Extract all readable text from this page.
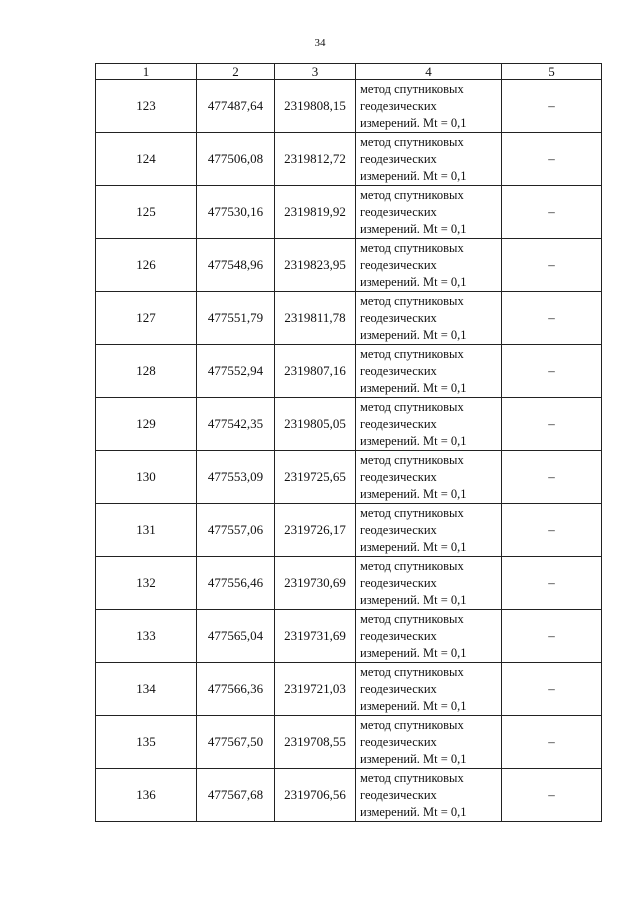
34
1	2	3	4	5
123	477487,64	2319808,15	метод спутниковых
геодезических
измерений. Mt = 0,1	–
124	477506,08	2319812,72	метод спутниковых
геодезических
измерений. Mt = 0,1	–
125	477530,16	2319819,92	метод спутниковых
геодезических
измерений. Mt = 0,1	–
126	477548,96	2319823,95	метод спутниковых
геодезических
измерений. Mt = 0,1	–
127	477551,79	2319811,78	метод спутниковых
геодезических
измерений. Mt = 0,1	–
128	477552,94	2319807,16	метод спутниковых
геодезических
измерений. Mt = 0,1	–
129	477542,35	2319805,05	метод спутниковых
геодезических
измерений. Mt = 0,1	–
130	477553,09	2319725,65	метод спутниковых
геодезических
измерений. Mt = 0,1	–
131	477557,06	2319726,17	метод спутниковых
геодезических
измерений. Mt = 0,1	–
132	477556,46	2319730,69	метод спутниковых
геодезических
измерений. Mt = 0,1	–
133	477565,04	2319731,69	метод спутниковых
геодезических
измерений. Mt = 0,1	–
134	477566,36	2319721,03	метод спутниковых
геодезических
измерений. Mt = 0,1	–
135	477567,50	2319708,55	метод спутниковых
геодезических
измерений. Mt = 0,1	–
136	477567,68	2319706,56	метод спутниковых
геодезических
измерений. Mt = 0,1	–
